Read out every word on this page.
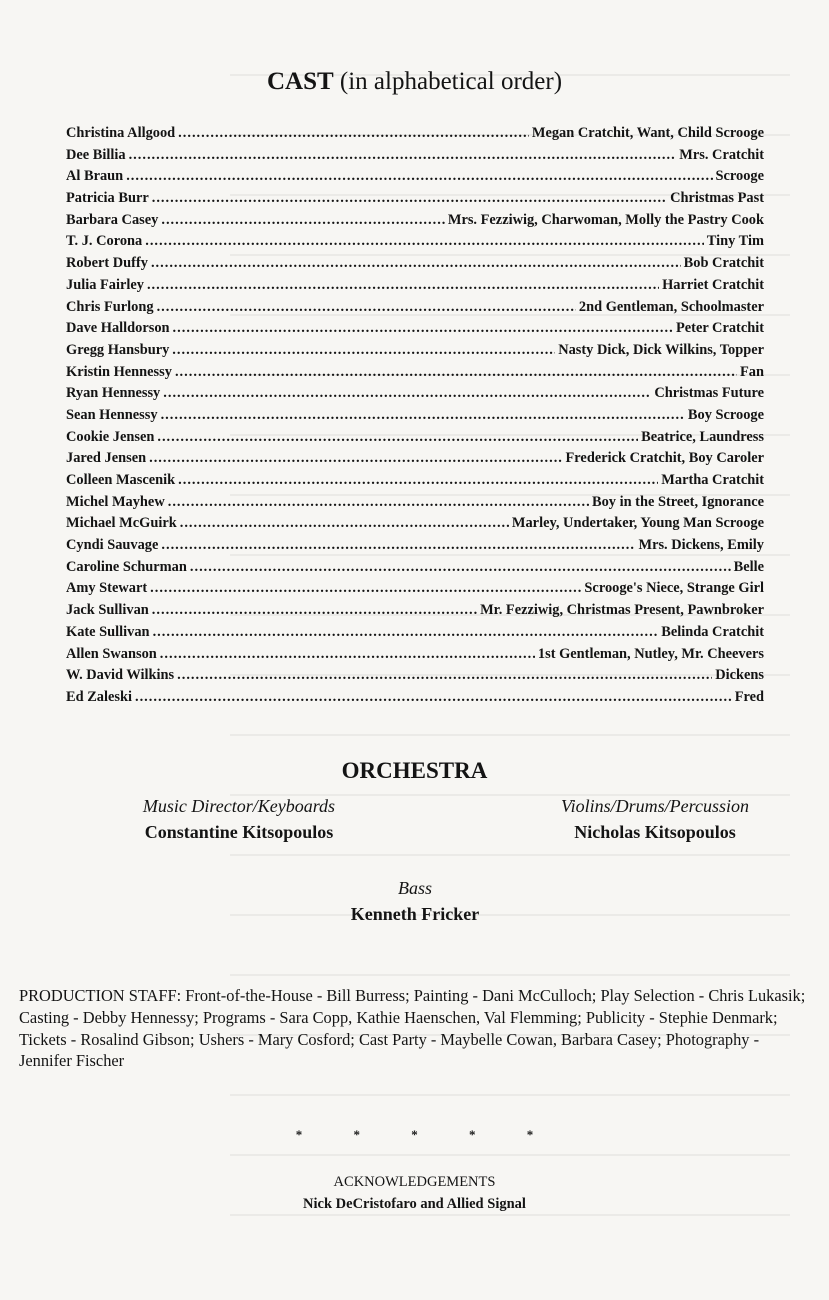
CAST (in alphabetical order)
Christina Allgood .....	Megan Cratchit, Want, Child Scrooge
Dee Billia .....	Mrs. Cratchit
Al Braun .....	Scrooge
Patricia Burr .....	Christmas Past
Barbara Casey .....	Mrs. Fezziwig, Charwoman, Molly the Pastry Cook
T. J. Corona .....	Tiny Tim
Robert Duffy .....	Bob Cratchit
Julia Fairley .....	Harriet Cratchit
Chris Furlong .....	2nd Gentleman, Schoolmaster
Dave Halldorson .....	Peter Cratchit
Gregg Hansbury .....	Nasty Dick, Dick Wilkins, Topper
Kristin Hennessy .....	Fan
Ryan Hennessy .....	Christmas Future
Sean Hennessy .....	Boy Scrooge
Cookie Jensen .....	Beatrice, Laundress
Jared Jensen .....	Frederick Cratchit, Boy Caroler
Colleen Mascenik .....	Martha Cratchit
Michel Mayhew .....	Boy in the Street, Ignorance
Michael McGuirk .....	Marley, Undertaker, Young Man Scrooge
Cyndi Sauvage .....	Mrs. Dickens, Emily
Caroline Schurman .....	Belle
Amy Stewart .....	Scrooge's Niece, Strange Girl
Jack Sullivan .....	Mr. Fezziwig, Christmas Present, Pawnbroker
Kate Sullivan .....	Belinda Cratchit
Allen Swanson .....	1st Gentleman, Nutley, Mr. Cheevers
W. David Wilkins .....	Dickens
Ed Zaleski .....	Fred
ORCHESTRA
Music Director/Keyboards
Constantine Kitsopoulos
Violins/Drums/Percussion
Nicholas Kitsopoulos
Bass
Kenneth Fricker

PRODUCTION STAFF: Front-of-the-House - Bill Burress; Painting - Dani McCulloch; Play Selection - Chris Lukasik; Casting - Debby Hennessy; Programs - Sara Copp, Kathie Haenschen, Val Flemming; Publicity - Stephie Denmark; Tickets - Rosalind Gibson; Ushers - Mary Cosford; Cast Party - Maybelle Cowan, Barbara Casey; Photography - Jennifer Fischer

* * * * *
ACKNOWLEDGEMENTS
Nick DeCristofaro and Allied Signal
